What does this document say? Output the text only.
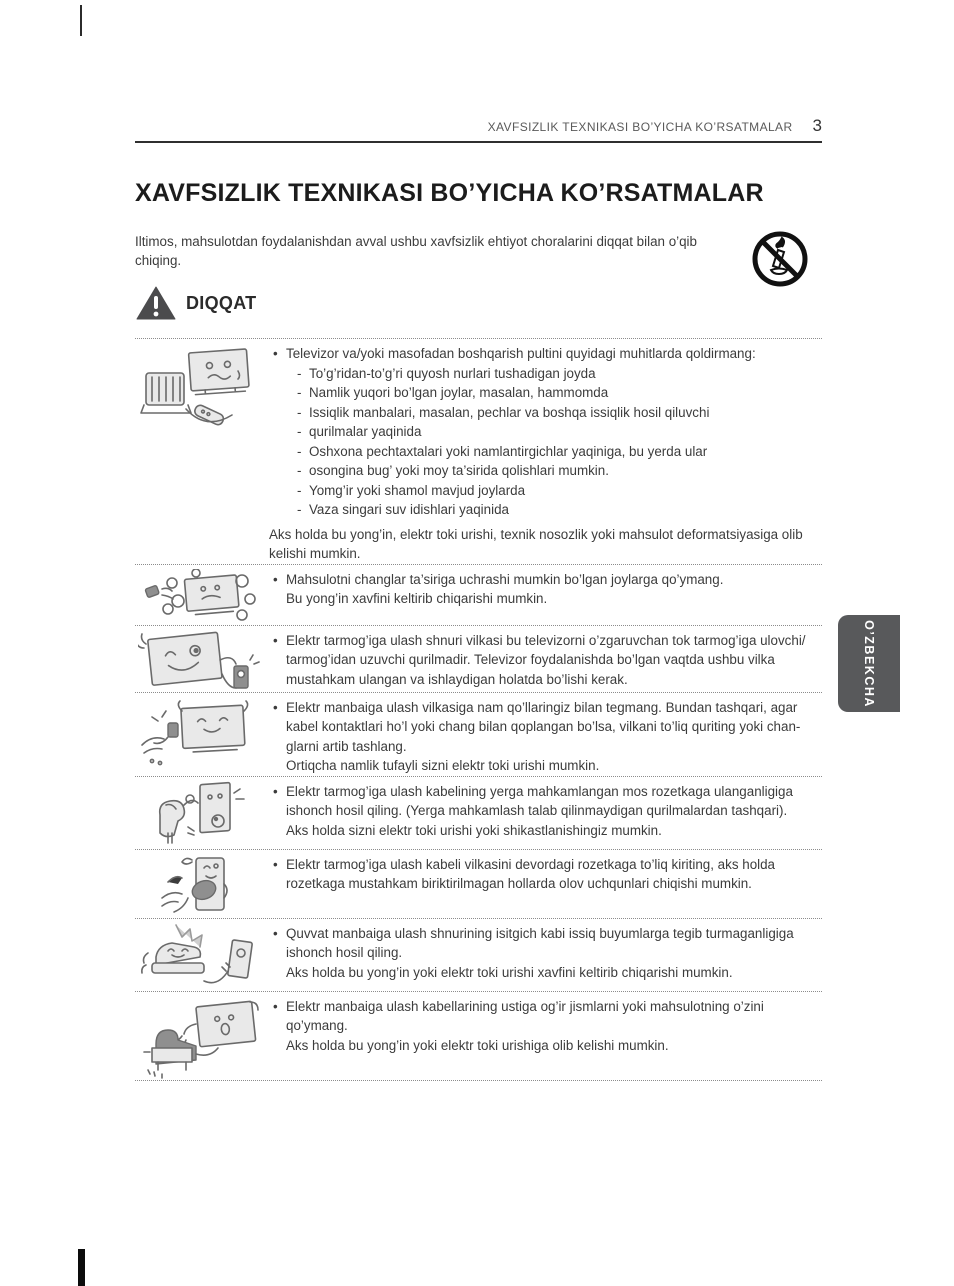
XAVFSIZLIK TEXNIKASI BO’YICHA KO’RSATMALAR 3
XAVFSIZLIK TEXNIKASI BO’YICHA KO’RSATMALAR
Iltimos, mahsulotdan foydalanishdan avval ushbu xavfsizlik ehtiyot choralarini diqqat bilan o’qib chiqing.
DIQQAT
• Televizor va/yoki masofadan boshqarish pultini quyidagi muhitlarda qoldirmang:
- To’g’ridan-to’g’ri quyosh nurlari tushadigan joyda
- Namlik yuqori bo’lgan joylar, masalan, hammomda
- Issiqlik manbalari, masalan, pechlar va boshqa issiqlik hosil qiluvchi
- qurilmalar yaqinida
- Oshxona pechtaxtalari yoki namlantirgichlar yaqiniga, bu yerda ular
- osongina bug’ yoki moy ta’sirida qolishlari mumkin.
- Yomg’ir yoki shamol mavjud joylarda
- Vaza singari suv idishlari yaqinida
Aks holda bu yong’in, elektr toki urishi, texnik nosozlik yoki mahsulot deformatsiyasiga olib
kelishi mumkin.
• Mahsulotni changlar ta’siriga uchrashi mumkin bo’lgan joylarga qo’ymang.
Bu yong’in xavfini keltirib chiqarishi mumkin.
• Elektr tarmog’iga ulash shnuri vilkasi bu televizorni o’zgaruvchan tok tarmog’iga ulovchi/
tarmog’idan uzuvchi qurilmadir. Televizor foydalanishda bo’lgan vaqtda ushbu vilka
mustahkam ulangan va ishlaydigan holatda bo’lishi kerak.
• Elektr manbaiga ulash vilkasiga nam qo’llaringiz bilan tegmang. Bundan tashqari, agar
kabel kontaktlari ho’l yoki chang bilan qoplangan bo’lsa, vilkani to’liq quriting yoki chan-
glarni artib tashlang.
Ortiqcha namlik tufayli sizni elektr toki urishi mumkin.
• Elektr tarmog’iga ulash kabelining yerga mahkamlangan mos rozetkaga ulanganligiga
ishonch hosil qiling. (Yerga mahkamlash talab qilinmaydigan qurilmalardan tashqari).
Aks holda sizni elektr toki urishi yoki shikastlanishingiz mumkin.
• Elektr tarmog’iga ulash kabeli vilkasini devordagi rozetkaga to’liq kiriting, aks holda
rozetkaga mustahkam biriktirilmagan hollarda olov uchqunlari chiqishi mumkin.
• Quvvat manbaiga ulash shnurining isitgich kabi issiq buyumlarga tegib turmaganligiga
ishonch hosil qiling.
Aks holda bu yong’in yoki elektr toki urishi xavfini keltirib chiqarishi mumkin.
• Elektr manbaiga ulash kabellarining ustiga og’ir jismlarni yoki mahsulotning o’zini
qo’ymang.
Aks holda bu yong’in yoki elektr toki urishiga olib kelishi mumkin.
O’ZBEKCHA
